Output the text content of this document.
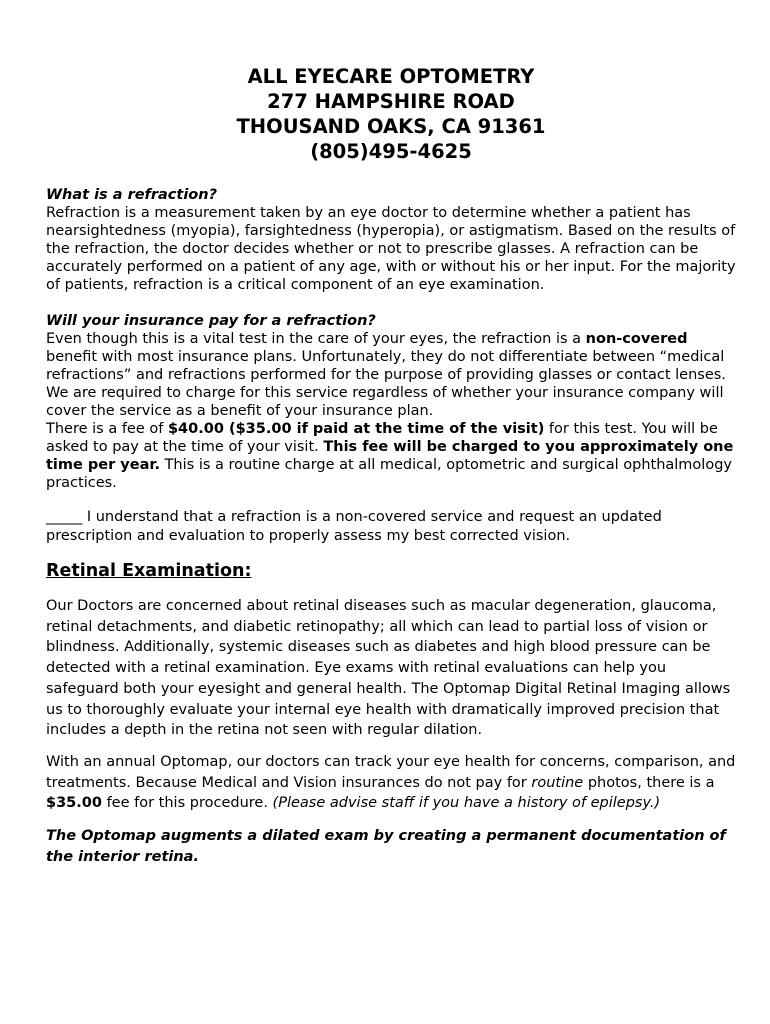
ALL EYECARE OPTOMETRY
277 HAMPSHIRE ROAD
THOUSAND OAKS, CA 91361
(805)495-4625

What is a refraction?

Refraction is a measurement taken by an eye doctor to determine whether a patient has nearsightedness (myopia), farsightedness (hyperopia), or astigmatism. Based on the results of the refraction, the doctor decides whether or not to prescribe glasses. A refraction can be accurately performed on a patient of any age, with or without his or her input. For the majority of patients, refraction is a critical component of an eye examination.

Will your insurance pay for a refraction?

Even though this is a vital test in the care of your eyes, the refraction is a non-covered benefit with most insurance plans. Unfortunately, they do not differentiate between “medical refractions” and refractions performed for the purpose of providing glasses or contact lenses. We are required to charge for this service regardless of whether your insurance company will cover the service as a benefit of your insurance plan.

There is a fee of $40.00 ($35.00 if paid at the time of the visit) for this test. You will be asked to pay at the time of your visit. This fee will be charged to you approximately one time per year. This is a routine charge at all medical, optometric and surgical ophthalmology practices.

_____ I understand that a refraction is a non-covered service and request an updated prescription and evaluation to properly assess my best corrected vision.

Retinal Examination:

Our Doctors are concerned about retinal diseases such as macular degeneration, glaucoma, retinal detachments, and diabetic retinopathy; all which can lead to partial loss of vision or blindness. Additionally, systemic diseases such as diabetes and high blood pressure can be detected with a retinal examination. Eye exams with retinal evaluations can help you safeguard both your eyesight and general health. The Optomap Digital Retinal Imaging allows us to thoroughly evaluate your internal eye health with dramatically improved precision that includes a depth in the retina not seen with regular dilation.

With an annual Optomap, our doctors can track your eye health for concerns, comparison, and treatments. Because Medical and Vision insurances do not pay for routine photos, there is a $35.00 fee for this procedure. (Please advise staff if you have a history of epilepsy.)

The Optomap augments a dilated exam by creating a permanent documentation of the interior retina.
